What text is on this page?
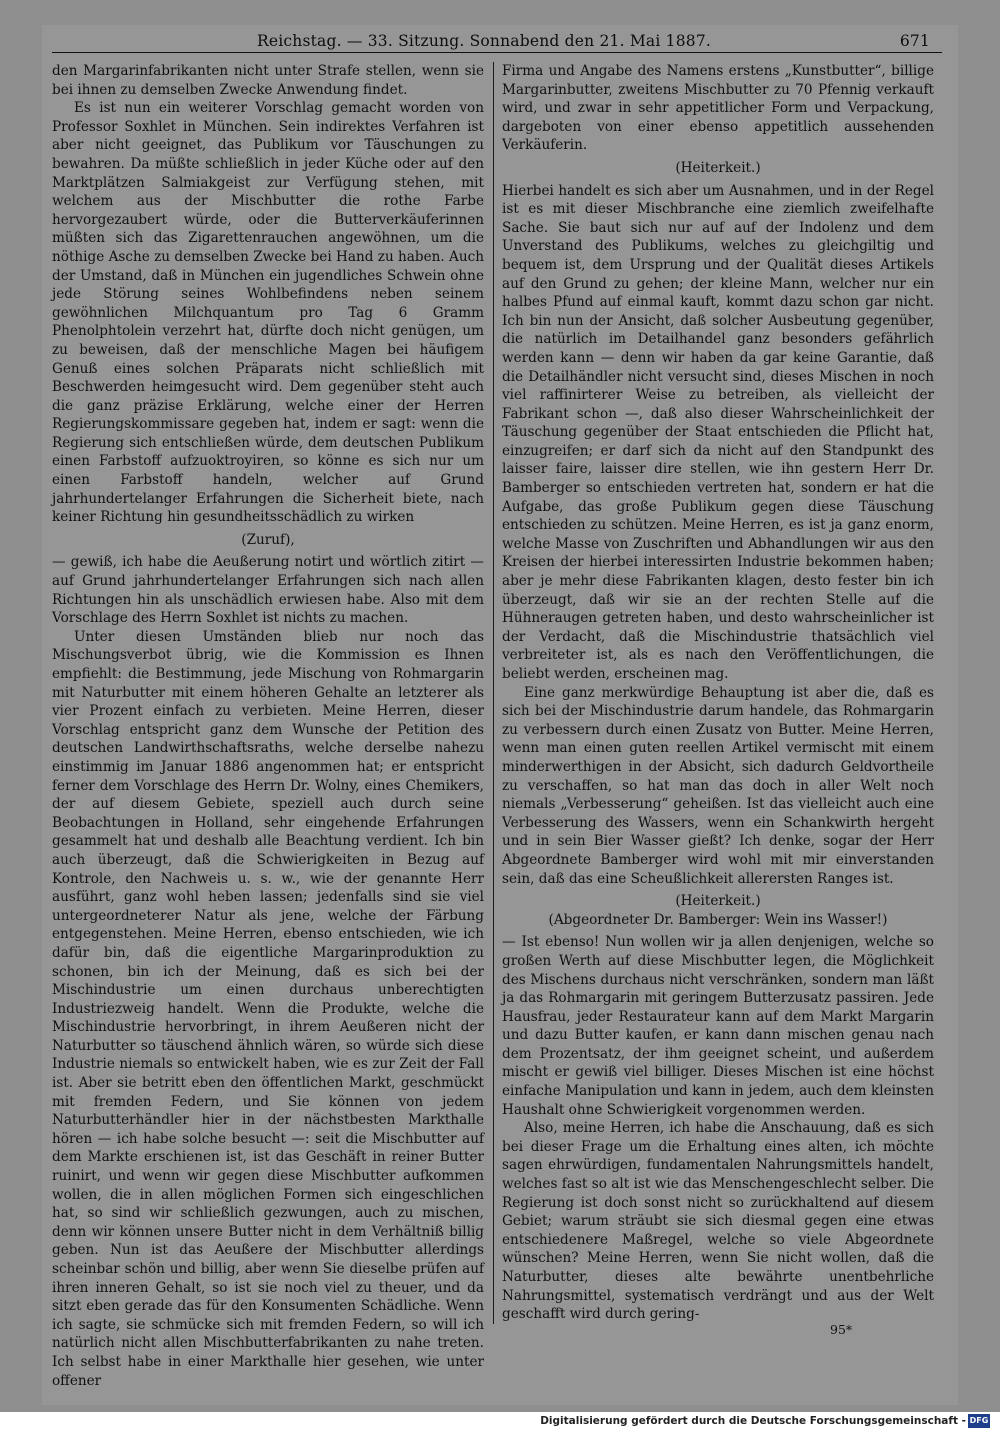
Reichstag. — 33. Sitzung. Sonnabend den 21. Mai 1887.	671

den Margarinfabrikanten nicht unter Strafe stellen, wenn sie bei ihnen zu demselben Zwecke Anwendung findet.

Es ist nun ein weiterer Vorschlag gemacht worden von Professor Soxhlet in München. Sein indirektes Verfahren ist aber nicht geeignet, das Publikum vor Täuschungen zu bewahren. Da müßte schließlich in jeder Küche oder auf den Marktplätzen Salmiakgeist zur Verfügung stehen, mit welchem aus der Mischbutter die rothe Farbe hervorgezaubert würde, oder die Butterverkäuferinnen müßten sich das Zigarettenrauchen angewöhnen, um die nöthige Asche zu demselben Zwecke bei Hand zu haben. Auch der Umstand, daß in München ein jugendliches Schwein ohne jede Störung seines Wohlbefindens neben seinem gewöhnlichen Milchquantum pro Tag 6 Gramm Phenolphtolein verzehrt hat, dürfte doch nicht genügen, um zu beweisen, daß der menschliche Magen bei häufigem Genuß eines solchen Präparats nicht schließlich mit Beschwerden heimgesucht wird. Dem gegenüber steht auch die ganz präzise Erklärung, welche einer der Herren Regierungskommissare gegeben hat, indem er sagt: wenn die Regierung sich entschließen würde, dem deutschen Publikum einen Farbstoff aufzuoktroyiren, so könne es sich nur um einen Farbstoff handeln, welcher auf Grund jahrhundertelanger Erfahrungen die Sicherheit biete, nach keiner Richtung hin gesundheitsschädlich zu wirken

(Zuruf),

— gewiß, ich habe die Aeußerung notirt und wörtlich zitirt — auf Grund jahrhundertelanger Erfahrungen sich nach allen Richtungen hin als unschädlich erwiesen habe. Also mit dem Vorschlage des Herrn Soxhlet ist nichts zu machen.

Unter diesen Umständen blieb nur noch das Mischungsverbot übrig, wie die Kommission es Ihnen empfiehlt: die Bestimmung, jede Mischung von Rohmargarin mit Naturbutter mit einem höheren Gehalte an letzterer als vier Prozent einfach zu verbieten. Meine Herren, dieser Vorschlag entspricht ganz dem Wunsche der Petition des deutschen Landwirthschaftsraths, welche derselbe nahezu einstimmig im Januar 1886 angenommen hat; er entspricht ferner dem Vorschlage des Herrn Dr. Wolny, eines Chemikers, der auf diesem Gebiete, speziell auch durch seine Beobachtungen in Holland, sehr eingehende Erfahrungen gesammelt hat und deshalb alle Beachtung verdient. Ich bin auch überzeugt, daß die Schwierigkeiten in Bezug auf Kontrole, den Nachweis u. s. w., wie der genannte Herr ausführt, ganz wohl heben lassen; jedenfalls sind sie viel untergeordneterer Natur als jene, welche der Färbung entgegenstehen. Meine Herren, ebenso entschieden, wie ich dafür bin, daß die eigentliche Margarinproduktion zu schonen, bin ich der Meinung, daß es sich bei der Mischindustrie um einen durchaus unberechtigten Industriezweig handelt. Wenn die Produkte, welche die Mischindustrie hervorbringt, in ihrem Aeußeren nicht der Naturbutter so täuschend ähnlich wären, so würde sich diese Industrie niemals so entwickelt haben, wie es zur Zeit der Fall ist. Aber sie betritt eben den öffentlichen Markt, geschmückt mit fremden Federn, und Sie können von jedem Naturbutterhändler hier in der nächstbesten Markthalle hören — ich habe solche besucht —: seit die Mischbutter auf dem Markte erschienen ist, ist das Geschäft in reiner Butter ruinirt, und wenn wir gegen diese Mischbutter aufkommen wollen, die in allen möglichen Formen sich eingeschlichen hat, so sind wir schließlich gezwungen, auch zu mischen, denn wir können unsere Butter nicht in dem Verhältniß billig geben. Nun ist das Aeußere der Mischbutter allerdings scheinbar schön und billig, aber wenn Sie dieselbe prüfen auf ihren inneren Gehalt, so ist sie noch viel zu theuer, und da sitzt eben gerade das für den Konsumenten Schädliche. Wenn ich sagte, sie schmücke sich mit fremden Federn, so will ich natürlich nicht allen Mischbutterfabrikanten zu nahe treten. Ich selbst habe in einer Markthalle hier gesehen, wie unter offener

Firma und Angabe des Namens erstens „Kunstbutter“, billige Margarinbutter, zweitens Mischbutter zu 70 Pfennig verkauft wird, und zwar in sehr appetitlicher Form und Verpackung, dargeboten von einer ebenso appetitlich aussehenden Verkäuferin.

(Heiterkeit.)

Hierbei handelt es sich aber um Ausnahmen, und in der Regel ist es mit dieser Mischbranche eine ziemlich zweifelhafte Sache. Sie baut sich nur auf auf der Indolenz und dem Unverstand des Publikums, welches zu gleichgiltig und bequem ist, dem Ursprung und der Qualität dieses Artikels auf den Grund zu gehen; der kleine Mann, welcher nur ein halbes Pfund auf einmal kauft, kommt dazu schon gar nicht. Ich bin nun der Ansicht, daß solcher Ausbeutung gegenüber, die natürlich im Detailhandel ganz besonders gefährlich werden kann — denn wir haben da gar keine Garantie, daß die Detailhändler nicht versucht sind, dieses Mischen in noch viel raffinirterer Weise zu betreiben, als vielleicht der Fabrikant schon —, daß also dieser Wahrscheinlichkeit der Täuschung gegenüber der Staat entschieden die Pflicht hat, einzugreifen; er darf sich da nicht auf den Standpunkt des laisser faire, laisser dire stellen, wie ihn gestern Herr Dr. Bamberger so entschieden vertreten hat, sondern er hat die Aufgabe, das große Publikum gegen diese Täuschung entschieden zu schützen. Meine Herren, es ist ja ganz enorm, welche Masse von Zuschriften und Abhandlungen wir aus den Kreisen der hierbei interessirten Industrie bekommen haben; aber je mehr diese Fabrikanten klagen, desto fester bin ich überzeugt, daß wir sie an der rechten Stelle auf die Hühneraugen getreten haben, und desto wahrscheinlicher ist der Verdacht, daß die Mischindustrie thatsächlich viel verbreiteter ist, als es nach den Veröffentlichungen, die beliebt werden, erscheinen mag.

Eine ganz merkwürdige Behauptung ist aber die, daß es sich bei der Mischindustrie darum handele, das Rohmargarin zu verbessern durch einen Zusatz von Butter. Meine Herren, wenn man einen guten reellen Artikel vermischt mit einem minderwerthigen in der Absicht, sich dadurch Geldvortheile zu verschaffen, so hat man das doch in aller Welt noch niemals „Verbesserung“ geheißen. Ist das vielleicht auch eine Verbesserung des Wassers, wenn ein Schankwirth hergeht und in sein Bier Wasser gießt? Ich denke, sogar der Herr Abgeordnete Bamberger wird wohl mit mir einverstanden sein, daß das eine Scheußlichkeit allerersten Ranges ist.

(Heiterkeit.)

(Abgeordneter Dr. Bamberger: Wein ins Wasser!)

— Ist ebenso! Nun wollen wir ja allen denjenigen, welche so großen Werth auf diese Mischbutter legen, die Möglichkeit des Mischens durchaus nicht verschränken, sondern man läßt ja das Rohmargarin mit geringem Butterzusatz passiren. Jede Hausfrau, jeder Restaurateur kann auf dem Markt Margarin und dazu Butter kaufen, er kann dann mischen genau nach dem Prozentsatz, der ihm geeignet scheint, und außerdem mischt er gewiß viel billiger. Dieses Mischen ist eine höchst einfache Manipulation und kann in jedem, auch dem kleinsten Haushalt ohne Schwierigkeit vorgenommen werden.

Also, meine Herren, ich habe die Anschauung, daß es sich bei dieser Frage um die Erhaltung eines alten, ich möchte sagen ehrwürdigen, fundamentalen Nahrungsmittels handelt, welches fast so alt ist wie das Menschengeschlecht selber. Die Regierung ist doch sonst nicht so zurückhaltend auf diesem Gebiet; warum sträubt sie sich diesmal gegen eine etwas entschiedenere Maßregel, welche so viele Abgeordnete wünschen? Meine Herren, wenn Sie nicht wollen, daß die Naturbutter, dieses alte bewährte unentbehrliche Nahrungsmittel, systematisch verdrängt und aus der Welt geschafft wird durch gering-

95*
Digitalisierung gefördert durch die Deutsche Forschungsgemeinschaft - DFG
